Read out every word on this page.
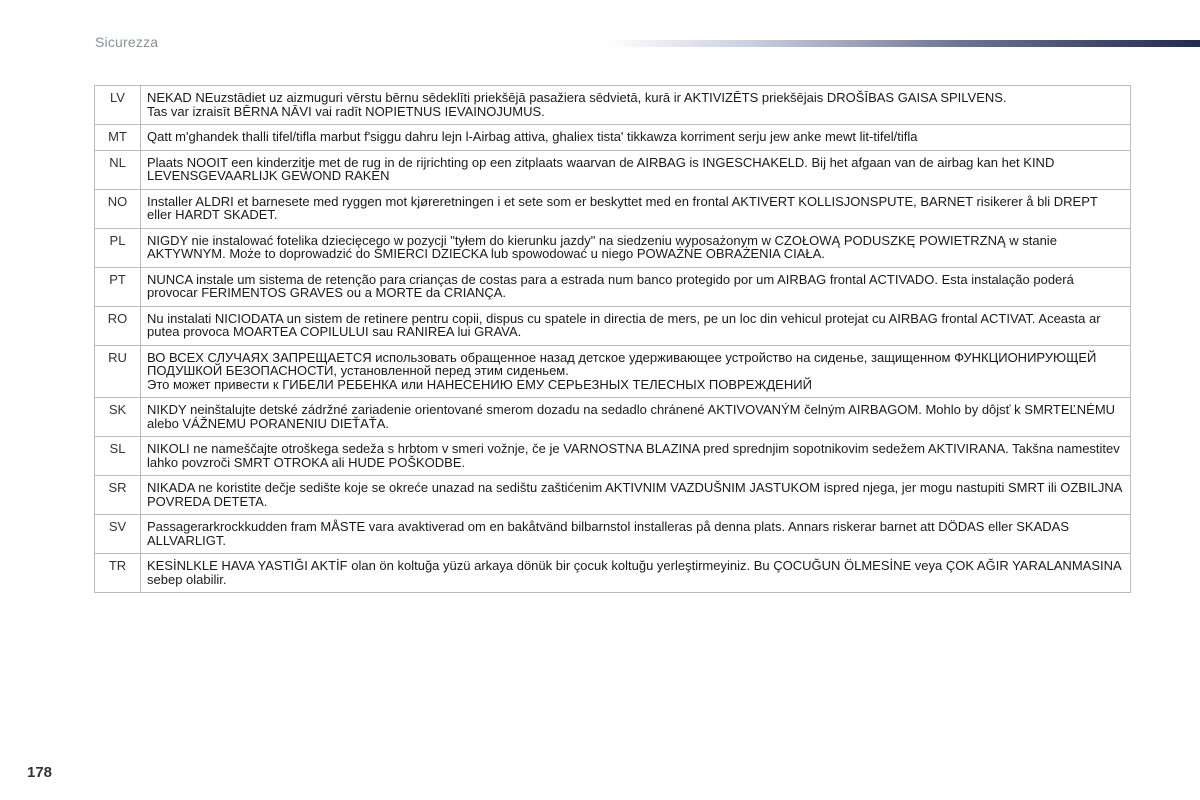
Sicurezza
LV	NEKAD NEuzstādiet uz aizmuguri vērstu bērnu sēdeklīti priekšējā pasažiera sēdvietā, kurā ir AKTIVIZĒTS priekšējais DROŠĪBAS GAISA SPILVENS.
Tas var izraisīt BĒRNA NĀVI vai radīt NOPIETNUS IEVAINOJUMUS.

MT	Qatt m'ghandek thalli tifel/tifla marbut f'siggu dahru lejn l-Airbag attiva, ghaliex tista' tikkawza korriment serju jew anke mewt lit-tifel/tifla

NL	Plaats NOOIT een kinderzitje met de rug in de rijrichting op een zitplaats waarvan de AIRBAG is INGESCHAKELD. Bij het afgaan van de airbag kan het KIND LEVENSGEVAARLIJK GEWOND RAKEN

NO	Installer ALDRI et barnesete med ryggen mot kjøreretningen i et sete som er beskyttet med en frontal AKTIVERT KOLLISJONSPUTE, BARNET risikerer å bli DREPT eller HARDT SKADET.

PL	NIGDY nie instalować fotelika dziecięcego w pozycji "tyłem do kierunku jazdy" na siedzeniu wyposażonym w CZOŁOWĄ PODUSZKĘ POWIETRZNĄ w stanie AKTYWNYM. Może to doprowadzić do ŚMIERCI DZIECKA lub spowodować u niego POWAŻNE OBRAŻENIA CIAŁA.

PT	NUNCA instale um sistema de retenção para crianças de costas para a estrada num banco protegido por um AIRBAG frontal ACTIVADO. Esta instalação poderá provocar FERIMENTOS GRAVES ou a MORTE da CRIANÇA.

RO	Nu instalati NICIODATA un sistem de retinere pentru copii, dispus cu spatele in directia de mers, pe un loc din vehicul protejat cu AIRBAG frontal ACTIVAT. Aceasta ar putea provoca MOARTEA COPILULUI sau RANIREA lui GRAVA.

RU	ВО ВСЕХ СЛУЧАЯХ ЗАПРЕЩАЕТСЯ использовать обращенное назад детское удерживающее устройство на сиденье, защищенном ФУНКЦИОНИРУЮЩЕЙ ПОДУШКОЙ БЕЗОПАСНОСТИ, установленной перед этим сиденьем.
Это может привести к ГИБЕЛИ РЕБЕНКА или НАНЕСЕНИЮ ЕМУ СЕРЬЕЗНЫХ ТЕЛЕСНЫХ ПОВРЕЖДЕНИЙ

SK	NIKDY neinštalujte detské zádržné zariadenie orientované smerom dozadu na sedadlo chránené AKTIVOVANÝM čelným AIRBAGOM. Mohlo by dôjsť k SMRTEĽNÉMU alebo VÁŽNEMU PORANENIU DIEŤAŤA.

SL	NIKOLI ne nameščajte otroškega sedeža s hrbtom v smeri vožnje, če je VARNOSTNA BLAZINA pred sprednjim sopotnikovim sedežem AKTIVIRANA. Takšna namestitev lahko povzroči SMRT OTROKA ali HUDE POŠKODBE.

SR	NIKADA ne koristite dečje sedište koje se okreće unazad na sedištu zaštićenim AKTIVNIM VAZDUŠNIM JASTUKOM ispred njega, jer mogu nastupiti SMRT ili OZBILJNA POVREDA DETETA.

SV	Passagerarkrockkudden fram MÅSTE vara avaktiverad om en bakåtvänd bilbarnstol installeras på denna plats. Annars riskerar barnet att DÖDAS eller SKADAS ALLVARLIGT.

TR	KESİNLKLE HAVA YASTIĞI AKTİF olan ön koltuğa yüzü arkaya dönük bir çocuk koltuğu yerleştirmeyiniz. Bu ÇOCUĞUN ÖLMESİNE veya ÇOK AĞIR YARALANMASINA sebep olabilir.
178
